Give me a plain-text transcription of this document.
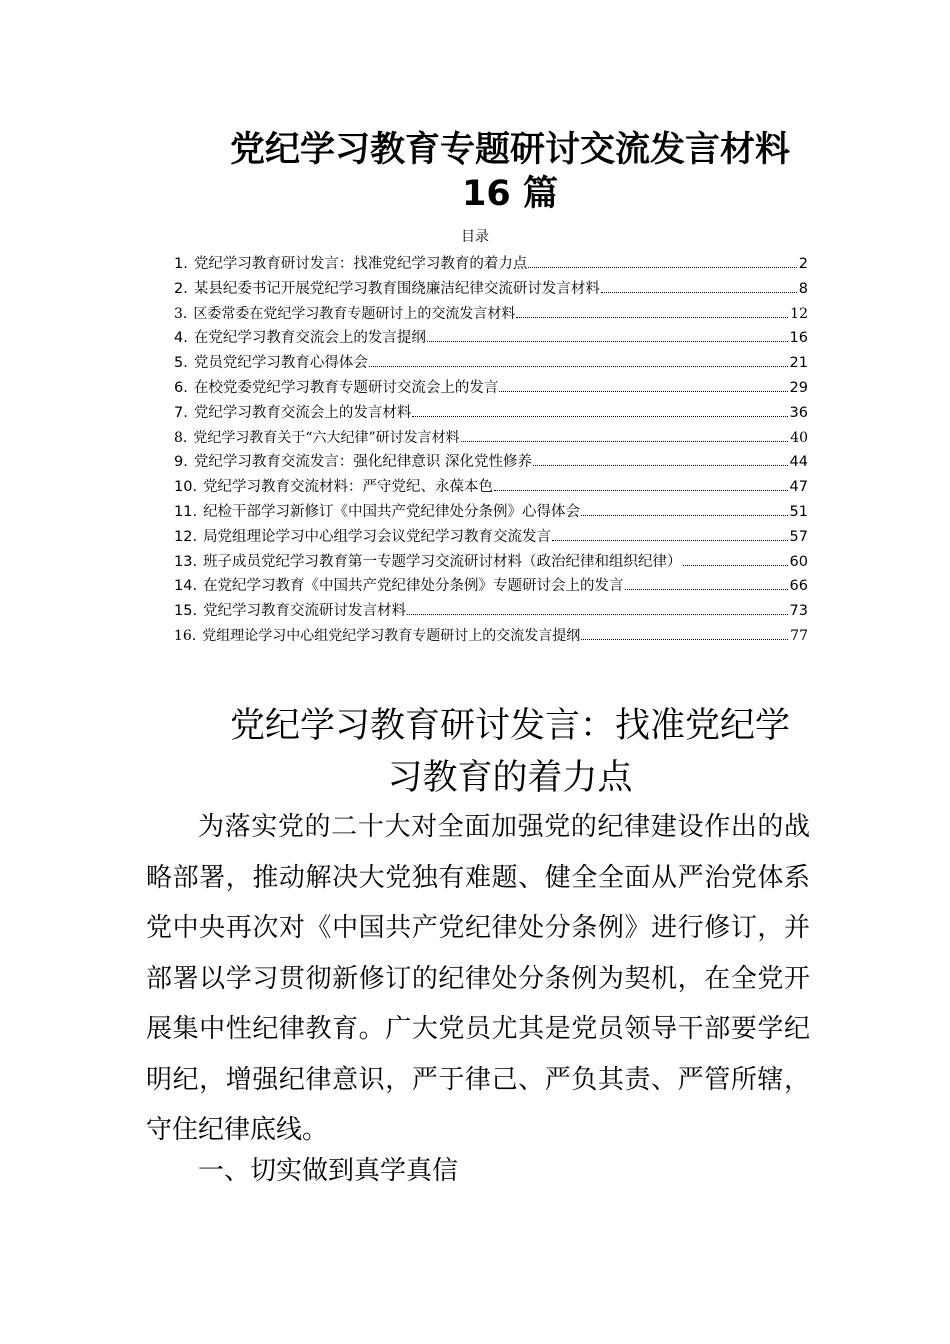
党纪学习教育专题研讨交流发言材料
16 篇
目录
1. 党纪学习教育研讨发言：找准党纪学习教育的着力点	2
2. 某县纪委书记开展党纪学习教育围绕廉洁纪律交流研讨发言材料	8
3. 区委常委在党纪学习教育专题研讨上的交流发言材料	12
4. 在党纪学习教育交流会上的发言提纲	16
5. 党员党纪学习教育心得体会	21
6. 在校党委党纪学习教育专题研讨交流会上的发言	29
7. 党纪学习教育交流会上的发言材料	36
8. 党纪学习教育关于“六大纪律”研讨发言材料	40
9. 党纪学习教育交流发言：强化纪律意识 深化党性修养	44
10. 党纪学习教育交流材料：严守党纪、永葆本色	47
11. 纪检干部学习新修订《中国共产党纪律处分条例》心得体会	51
12. 局党组理论学习中心组学习会议党纪学习教育交流发言	57
13. 班子成员党纪学习教育第一专题学习交流研讨材料（政治纪律和组织纪律）	60
14. 在党纪学习教育《中国共产党纪律处分条例》专题研讨会上的发言	66
15. 党纪学习教育交流研讨发言材料	73
16. 党组理论学习中心组党纪学习教育专题研讨上的交流发言提纲	77
党纪学习教育研讨发言：找准党纪学
习教育的着力点

为落实党的二十大对全面加强党的纪律建设作出的战略部署，推动解决大党独有难题、健全全面从严治党体系党中央再次对《中国共产党纪律处分条例》进行修订，并部署以学习贯彻新修订的纪律处分条例为契机，在全党开展集中性纪律教育。广大党员尤其是党员领导干部要学纪明纪，增强纪律意识，严于律己、严负其责、严管所辖，守住纪律底线。

一、切实做到真学真信
